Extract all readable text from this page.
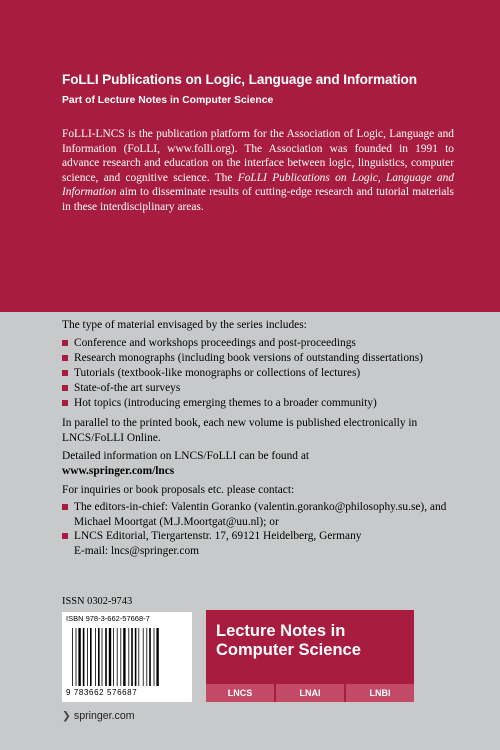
FoLLI Publications on Logic, Language and Information
Part of Lecture Notes in Computer Science
FoLLI-LNCS is the publication platform for the Association of Logic, Language and Information (FoLLI, www.folli.org). The Association was founded in 1991 to advance research and education on the interface between logic, linguistics, computer science, and cognitive science. The FoLLI Publications on Logic, Language and Information aim to disseminate results of cutting-edge research and tutorial materials in these interdisciplinary areas.
The type of material envisaged by the series includes:
Conference and workshops proceedings and post-proceedings
Research monographs (including book versions of outstanding dissertations)
Tutorials (textbook-like monographs or collections of lectures)
State-of-the art surveys
Hot topics (introducing emerging themes to a broader community)
In parallel to the printed book, each new volume is published electronically in LNCS/FoLLI Online.
Detailed information on LNCS/FoLLI can be found at
www.springer.com/lncs
For inquiries or book proposals etc. please contact:
The editors-in-chief: Valentin Goranko (valentin.goranko@philosophy.su.se), and Michael Moortgat (M.J.Moortgat@uu.nl); or
LNCS Editorial, Tiergartenstr. 17, 69121 Heidelberg, Germany E-mail: lncs@springer.com
ISSN 0302-9743
ISBN 978-3-662-57668-7
9 783662 576687
Lecture Notes in Computer Science
LNCS	LNAI	LNBI
❯ springer.com
